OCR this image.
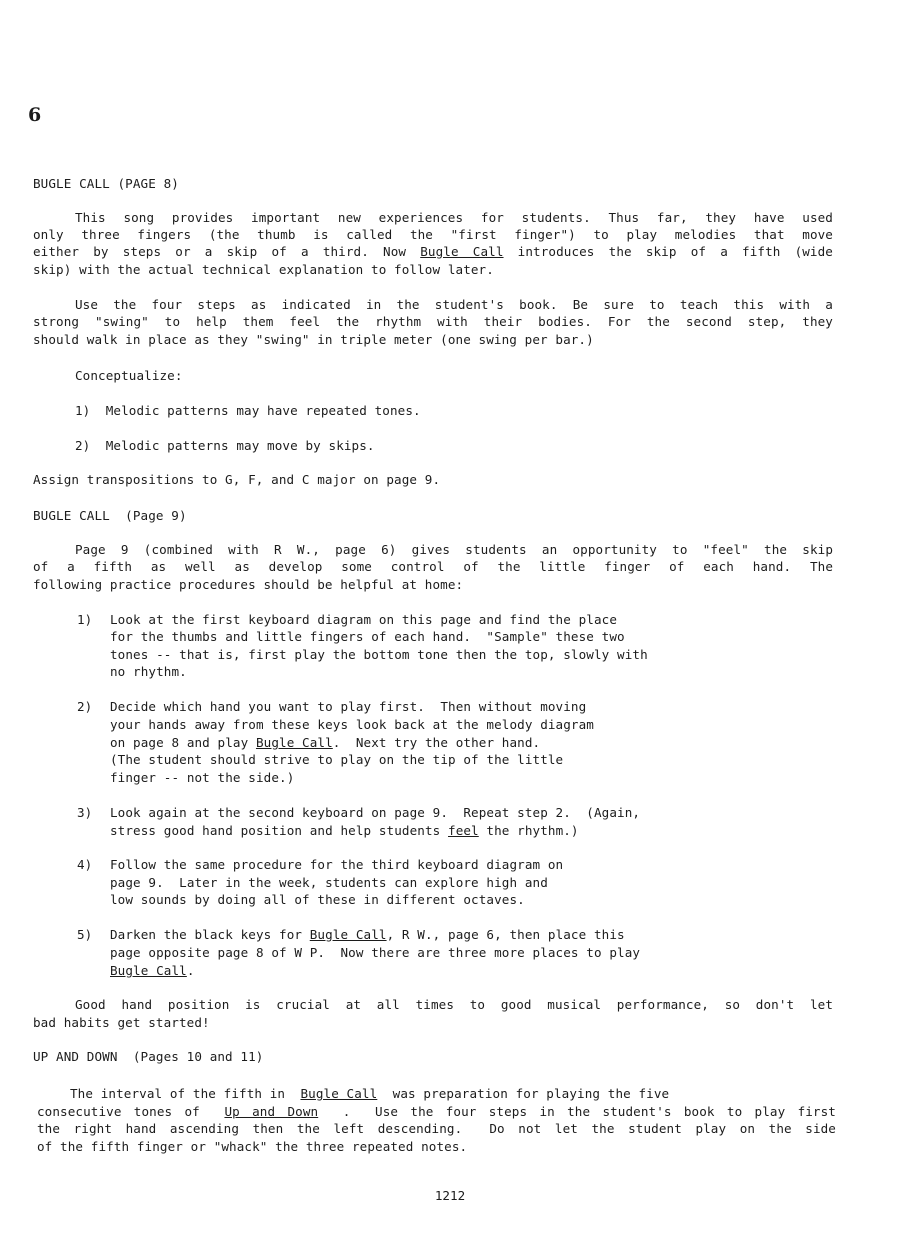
6
BUGLE CALL (PAGE 8)
This song provides important new experiences for students. Thus far, they have used
only three fingers (the thumb is called the "first finger") to play melodies that move
either by steps or a skip of a third. Now Bugle Call introduces the skip of a fifth (wide
skip) with the actual technical explanation to follow later.
Use the four steps as indicated in the student's book. Be sure to teach this with a
strong "swing" to help them feel the rhythm with their bodies. For the second step, they
should walk in place as they "swing" in triple meter (one swing per bar.)
Conceptualize:
1)  Melodic patterns may have repeated tones.
2)  Melodic patterns may move by skips.
Assign transpositions to G, F, and C major on page 9.
BUGLE CALL  (Page 9)
Page 9 (combined with R W., page 6) gives students an opportunity to "feel" the skip
of a fifth as well as develop some control of the little finger of each hand. The
following practice procedures should be helpful at home:
1) Look at the first keyboard diagram on this page and find the place
for the thumbs and little fingers of each hand.  "Sample" these two
tones -- that is, first play the bottom tone then the top, slowly with
no rhythm.
2) Decide which hand you want to play first.  Then without moving
your hands away from these keys look back at the melody diagram
on page 8 and play Bugle Call.  Next try the other hand.
(The student should strive to play on the tip of the little
finger -- not the side.)
3) Look again at the second keyboard on page 9.  Repeat step 2.  (Again,
stress good hand position and help students feel the rhythm.)
4) Follow the same procedure for the third keyboard diagram on
page 9.  Later in the week, students can explore high and
low sounds by doing all of these in different octaves.
5) Darken the black keys for Bugle Call, R W., page 6, then place this
page opposite page 8 of W P.  Now there are three more places to play
Bugle Call.
Good hand position is crucial at all times to good musical performance, so don't let
bad habits get started!
UP AND DOWN  (Pages 10 and 11)
The interval of the fifth in  Bugle Call  was preparation for playing the five
consecutive tones of  Up and Down  .  Use the four steps in the student's book to play first
the right hand ascending then the left descending.  Do not let the student play on the side
of the fifth finger or "whack" the three repeated notes.
1212
